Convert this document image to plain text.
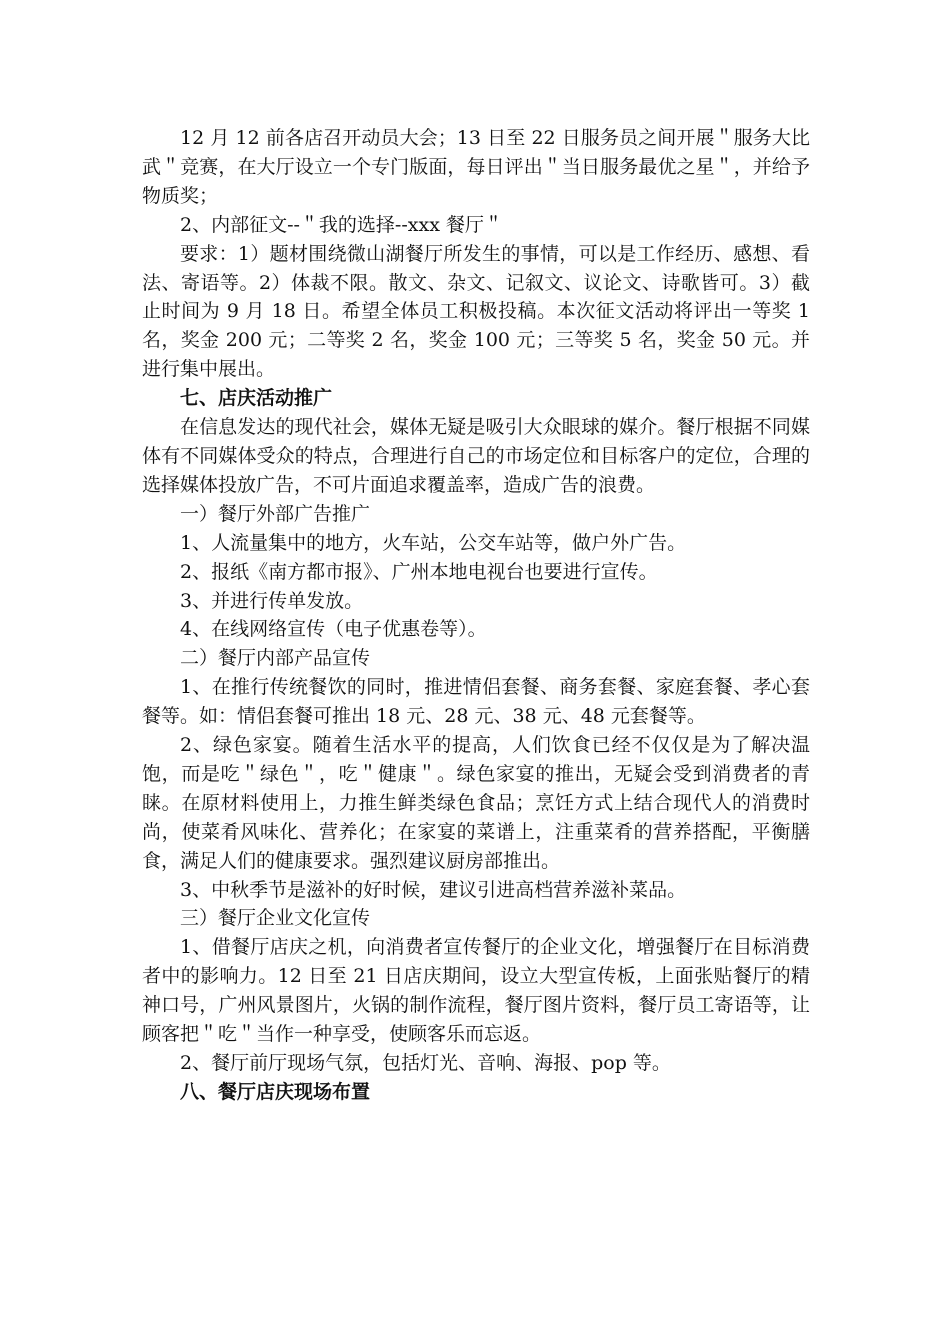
12 月 12 前各店召开动员大会；13 日至 22 日服务员之间开展＂服务大比武＂竞赛，在大厅设立一个专门版面，每日评出＂当日服务最优之星＂，并给予物质奖；

2、内部征文--＂我的选择--xxx 餐厅＂

要求：1）题材围绕微山湖餐厅所发生的事情，可以是工作经历、感想、看法、寄语等。2）体裁不限。散文、杂文、记叙文、议论文、诗歌皆可。3）截止时间为 9 月 18 日。希望全体员工积极投稿。本次征文活动将评出一等奖 1 名，奖金 200 元；二等奖 2 名，奖金 100 元；三等奖 5 名，奖金 50 元。并进行集中展出。

七、店庆活动推广

在信息发达的现代社会，媒体无疑是吸引大众眼球的媒介。餐厅根据不同媒体有不同媒体受众的特点，合理进行自己的市场定位和目标客户的定位，合理的选择媒体投放广告，不可片面追求覆盖率，造成广告的浪费。

一）餐厅外部广告推广

1、人流量集中的地方，火车站，公交车站等，做户外广告。

2、报纸《南方都市报》、广州本地电视台也要进行宣传。

3、并进行传单发放。

4、在线网络宣传（电子优惠卷等）。

二）餐厅内部产品宣传

1、在推行传统餐饮的同时，推进情侣套餐、商务套餐、家庭套餐、孝心套餐等。如：情侣套餐可推出 18 元、28 元、38 元、48 元套餐等。

2、绿色家宴。随着生活水平的提高，人们饮食已经不仅仅是为了解决温饱，而是吃＂绿色＂，吃＂健康＂。绿色家宴的推出，无疑会受到消费者的青睐。在原材料使用上，力推生鲜类绿色食品；烹饪方式上结合现代人的消费时尚，使菜肴风味化、营养化；在家宴的菜谱上，注重菜肴的营养搭配，平衡膳食，满足人们的健康要求。强烈建议厨房部推出。

3、中秋季节是滋补的好时候，建议引进高档营养滋补菜品。

三）餐厅企业文化宣传

1、借餐厅店庆之机，向消费者宣传餐厅的企业文化，增强餐厅在目标消费者中的影响力。12 日至 21 日店庆期间，设立大型宣传板，上面张贴餐厅的精神口号，广州风景图片，火锅的制作流程，餐厅图片资料，餐厅员工寄语等，让顾客把＂吃＂当作一种享受，使顾客乐而忘返。

2、餐厅前厅现场气氛，包括灯光、音响、海报、pop 等。

八、餐厅店庆现场布置
